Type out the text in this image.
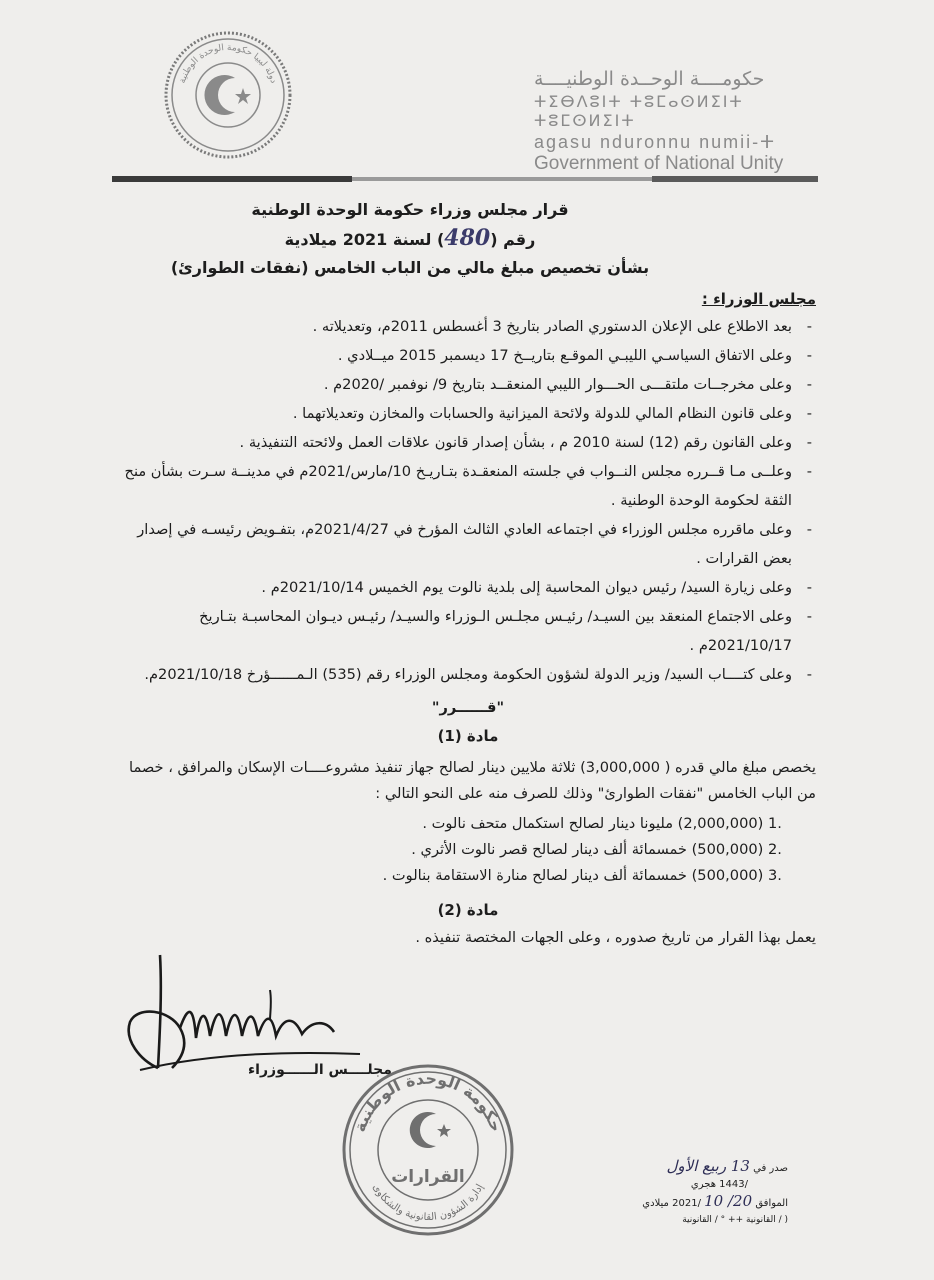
دولة ليبيا حكومة الوحدة الوطنية	حكومــــة الوحــدة الوطنيــــة
ⵜⵉⴱⴷⵓⵏⵜ ⵜⵓⵎⴰⵙⵍⵉⵏⵜ ⵜⵓⵎⵙⵍⵉⵏⵜ
agasu nduronnu numii-ⵜ
Government of National Unity
قرار مجلس وزراء حكومة الوحدة الوطنية
رقم (480) لسنة 2021 ميلادية
بشأن تخصيص مبلغ مالي من الباب الخامس (نفقات الطوارئ)
مجلس الوزراء :
-
بعد الاطلاع على الإعلان الدستوري الصادر بتاريخ 3 أغسطس 2011م، وتعديلاته .
-
وعلى الاتفاق السياسـي الليبـي الموقـع بتاريــخ 17 ديسمبر 2015 ميــلادي .
-
وعلى مخرجــات ملتقـــى الحـــوار الليبي المنعقــد بتاريخ 9/ نوفمبر /2020م .
-
وعلى قانون النظام المالي للدولة ولائحة الميزانية والحسابات والمخازن وتعديلاتهما .
-
وعلى القانون رقم (12) لسنة 2010 م ، بشأن إصدار قانون علاقات العمل ولائحته التنفيذية .
-
وعلــى مـا قــرره مجلس النــواب في جلسته المنعقـدة بتـاريـخ 10/مارس/2021م في مدينــة سـرت بشأن منح الثقة لحكومة الوحدة الوطنية .
-
وعلى ماقرره مجلس الوزراء في اجتماعه العادي الثالث المؤرخ في 2021/4/27م، بتفـويض رئيسـه في إصدار بعض القرارات .
-
وعلى زيارة السيد/ رئيس ديوان المحاسبة إلى بلدية نالوت يوم الخميس 2021/10/14م .
-
وعلى الاجتماع المنعقد بين السيـد/ رئيـس مجلـس الـوزراء والسيـد/ رئيـس ديـوان المحاسبـة بتـاريخ 2021/10/17م .
-
وعلى كتــــاب السيد/ وزير الدولة لشؤون الحكومة ومجلس الوزراء رقم (535) الـمــــــؤرخ 2021/10/18م.
"قــــــرر"
مادة (1)
يخصص مبلغ مالي قدره ( 3,000,000) ثلاثة ملايين دينار لصالح جهاز تنفيذ مشروعــــات الإسكان والمرافق ، خصما من الباب الخامس "نفقات الطوارئ" وذلك للصرف منه على النحو التالي :
1. (2,000,000) مليونا دينار لصالح استكمال متحف نالوت .
2. (500,000) خمسمائة ألف دينار لصالح قصر نالوت الأثري .
3. (500,000) خمسمائة ألف دينار لصالح منارة الاستقامة بنالوت .
مادة (2)
يعمل بهذا القرار من تاريخ صدوره ، وعلى الجهات المختصة تنفيذه .
مجلــــس الــــــوزراء
حكومة الوحدة الوطنية
إدارة الشؤون القانونية والشكاوى
القرارات	صدر في 13 ربيع الأول
/1443 هجري
الموافق 20/ 10 /2021 ميلادي
( / القانونية ++ ° / القانونية
